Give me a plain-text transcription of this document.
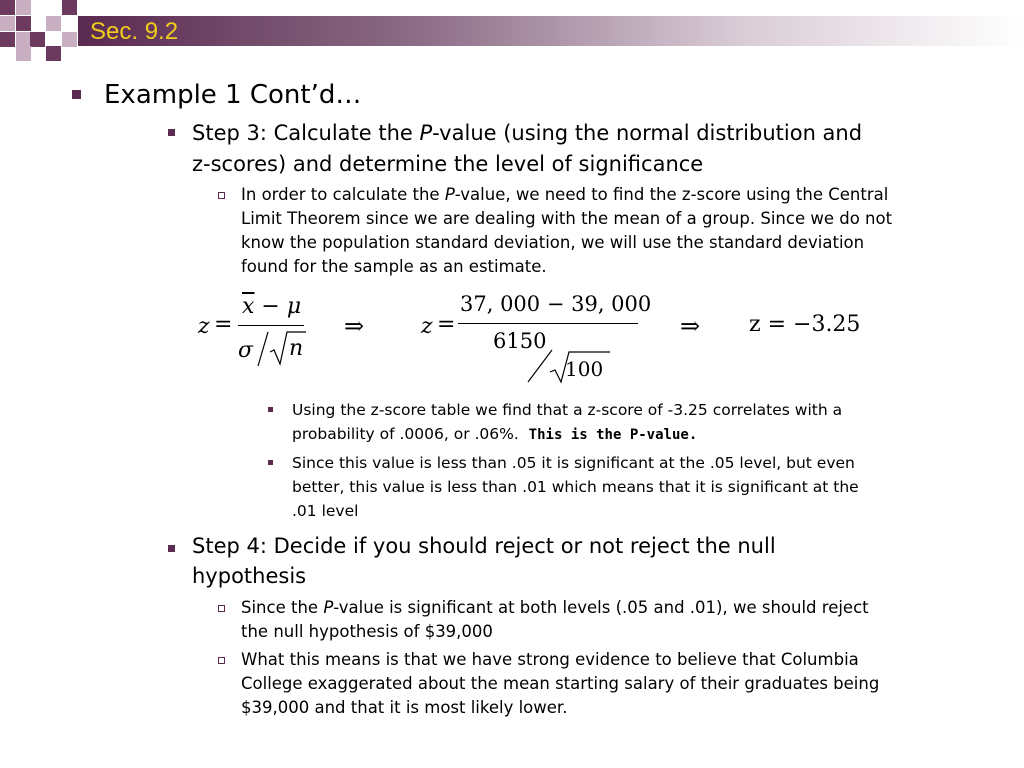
Sec. 9.2
Example 1 Cont’d…
Step 3: Calculate the P-value (using the normal distribution and
z-scores) and determine the level of significance
In order to calculate the P-value, we need to find the z-score using the Central
Limit Theorem since we are dealing with the mean of a group. Since we do not
know the population standard deviation, we will use the standard deviation
found for the sample as an estimate.
z =
$\overline{x} - \mu$
σ n
⇒	z =
37, 000 − 39, 000
6150
100
⇒ z = −3.25
Using the z-score table we find that a z-score of -3.25 correlates with a
probability of .0006, or .06%.  This is the P-value.
Since this value is less than .05 it is significant at the .05 level, but even
better, this value is less than .01 which means that it is significant at the
.01 level
Step 4: Decide if you should reject or not reject the null
hypothesis
Since the P-value is significant at both levels (.05 and .01), we should reject
the null hypothesis of $39,000
What this means is that we have strong evidence to believe that Columbia
College exaggerated about the mean starting salary of their graduates being
$39,000 and that it is most likely lower.
